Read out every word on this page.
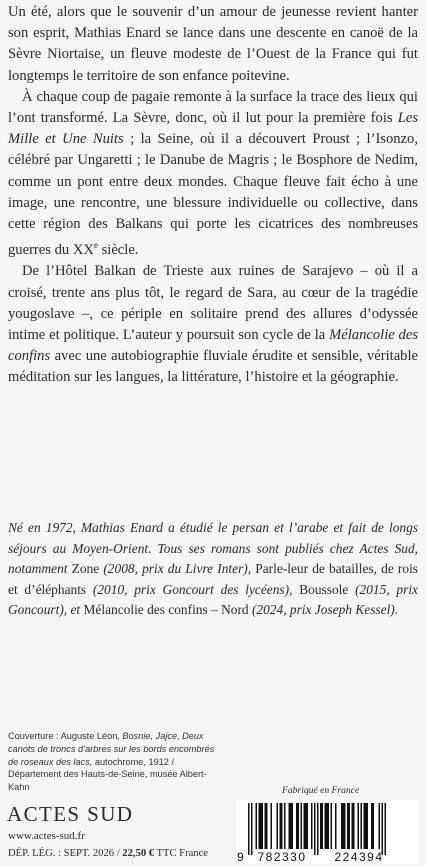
Un été, alors que le souvenir d’un amour de jeunesse revient hanter son esprit, Mathias Enard se lance dans une descente en canoë de la Sèvre Niortaise, un fleuve modeste de l’Ouest de la France qui fut longtemps le territoire de son enfance poitevine.

À chaque coup de pagaie remonte à la surface la trace des lieux qui l’ont transformé. La Sèvre, donc, où il lut pour la première fois Les Mille et Une Nuits ; la Seine, où il a découvert Proust ; l’Isonzo, célébré par Ungaretti ; le Danube de Magris ; le Bosphore de Nedim, comme un pont entre deux mondes. Chaque fleuve fait écho à une image, une rencontre, une blessure individuelle ou collective, dans cette région des Balkans qui porte les cicatrices des nombreuses guerres du XXe siècle.

De l’Hôtel Balkan de Trieste aux ruines de Sarajevo – où il a croisé, trente ans plus tôt, le regard de Sara, au cœur de la tragédie yougoslave –, ce périple en solitaire prend des allures d’odyssée intime et politique. L’auteur y poursuit son cycle de la Mélancolie des confins avec une autobiographie fluviale érudite et sensible, véritable méditation sur les langues, la littérature, l’histoire et la géographie.

Né en 1972, Mathias Enard a étudié le persan et l’arabe et fait de longs séjours au Moyen-Orient. Tous ses romans sont publiés chez Actes Sud, notamment Zone (2008, prix du Livre Inter), Parle-leur de batailles, de rois et d’éléphants (2010, prix Goncourt des lycéens), Boussole (2015, prix Goncourt), et Mélancolie des confins – Nord (2024, prix Joseph Kessel).
Couverture : Auguste Léon, Bosnie, Jajce, Deux canots de troncs d’arbres sur les bords encombrés de roseaux des lacs, autochrome, 1912 / Département des Hauts-de-Seine, musée Albert-Kahn
ACTES SUD
www.actes-sud.fr
DÉP. LÉG. : SEPT. 2026 / 22,50 € TTC France
Fabriqué en France
9 782330 224394
